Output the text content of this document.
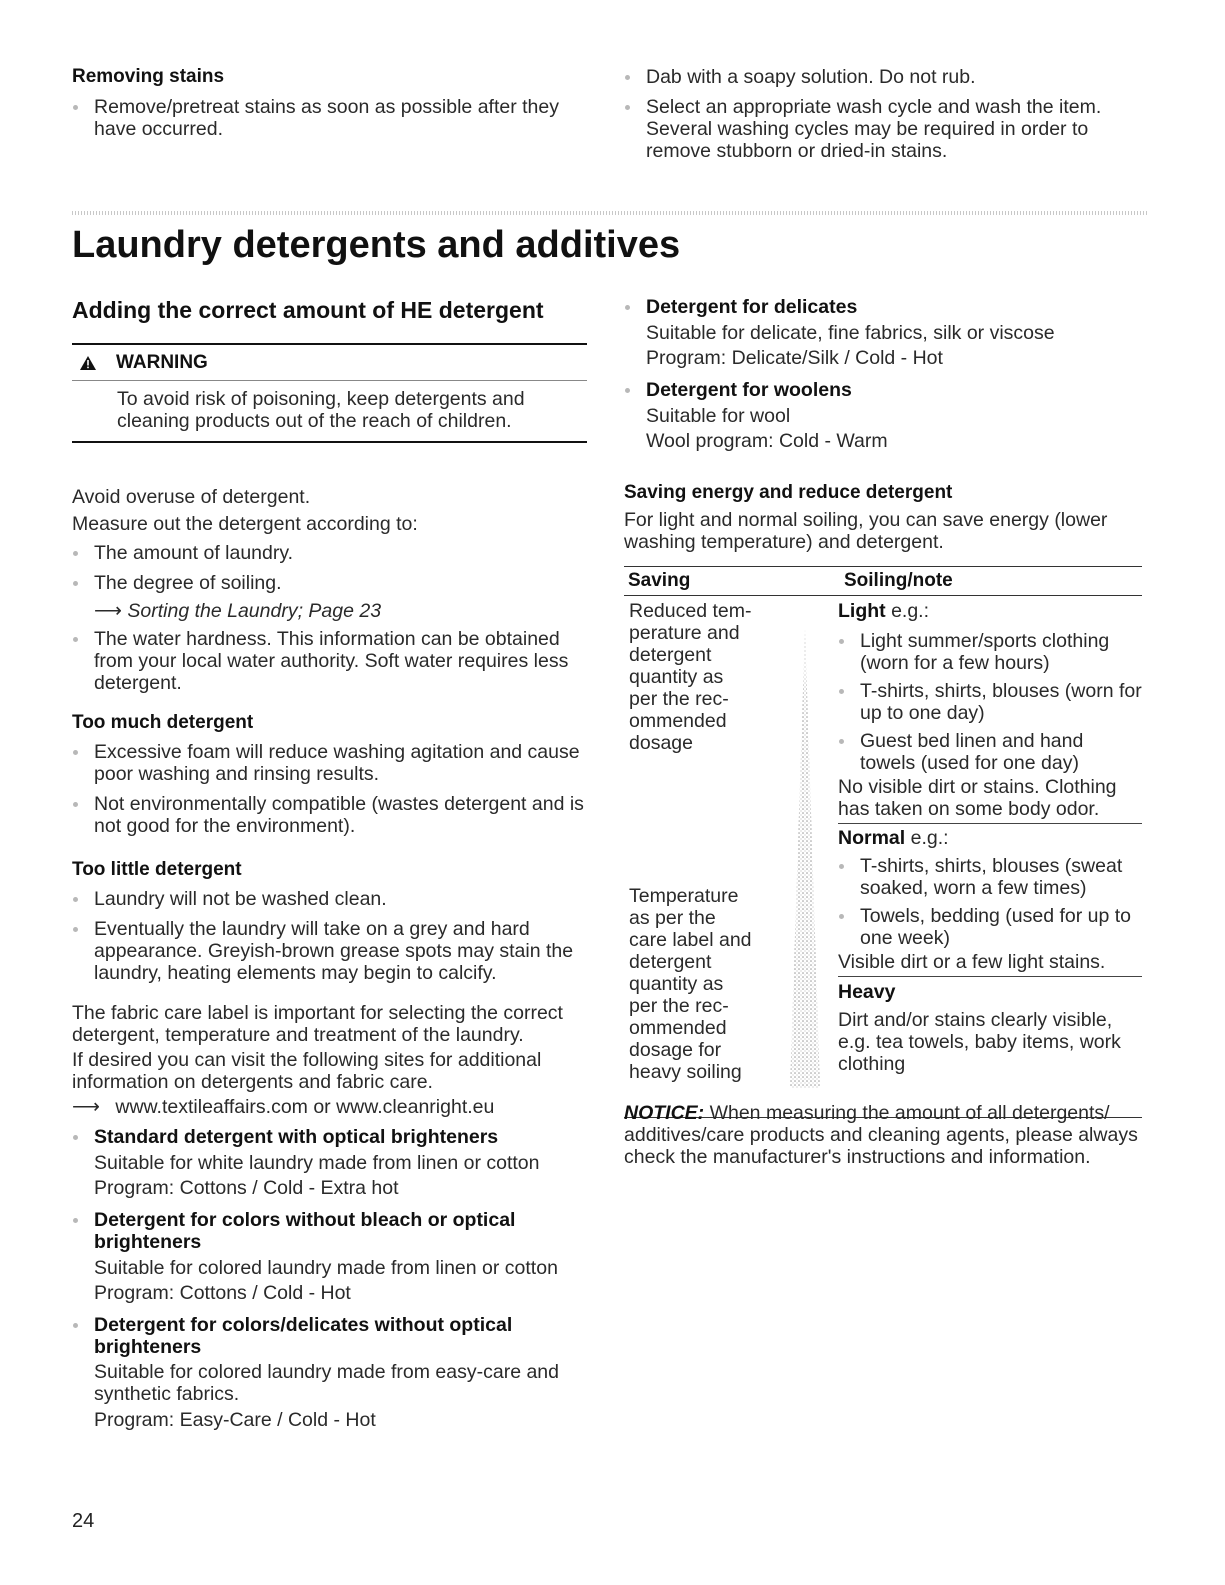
Removing stains
Remove/pretreat stains as soon as possible after they have occurred.
Dab with a soapy solution. Do not rub.
Select an appropriate wash cycle and wash the item. Several washing cycles may be required in order to remove stubborn or dried-in stains.
Laundry detergents and additives
Adding the correct amount of HE detergent
WARNING
To avoid risk of poisoning, keep detergents and cleaning products out of the reach of children.
Avoid overuse of detergent.
Measure out the detergent according to:
The amount of laundry.
The degree of soiling.
⟶ Sorting the Laundry; Page 23
The water hardness. This information can be obtained from your local water authority. Soft water requires less detergent.
Too much detergent
Excessive foam will reduce washing agitation and cause poor washing and rinsing results.
Not environmentally compatible (wastes detergent and is not good for the environment).
Too little detergent
Laundry will not be washed clean.
Eventually the laundry will take on a grey and hard appearance. Greyish-brown grease spots may stain the laundry, heating elements may begin to calcify.
The fabric care label is important for selecting the correct detergent, temperature and treatment of the laundry.
If desired you can visit the following sites for additional information on detergents and fabric care.
⟶ www.textileaffairs.com or www.cleanright.eu
Standard detergent with optical brighteners
Suitable for white laundry made from linen or cotton
Program: Cottons / Cold - Extra hot
Detergent for colors without bleach or optical brighteners
Suitable for colored laundry made from linen or cotton
Program: Cottons / Cold - Hot
Detergent for colors/delicates without optical brighteners
Suitable for colored laundry made from easy-care and synthetic fabrics.
Program: Easy-Care / Cold - Hot
Detergent for delicates
Suitable for delicate, fine fabrics, silk or viscose
Program: Delicate/Silk / Cold - Hot
Detergent for woolens
Suitable for wool
Wool program: Cold - Warm
Saving energy and reduce detergent
For light and normal soiling, you can save energy (lower washing temperature) and detergent.
Saving	Soiling/note
Reduced tem-
perature and
detergent
quantity as
per the rec-
ommended
dosage
Temperature
as per the
care label and
detergent
quantity as
per the rec-
ommended
dosage for
heavy soiling
Light e.g.:
Light summer/sports clothing (worn for a few hours)
T-shirts, shirts, blouses (worn for up to one day)
Guest bed linen and hand towels (used for one day)
No visible dirt or stains. Clothing has taken on some body odor.
Normal e.g.:
T-shirts, shirts, blouses (sweat soaked, worn a few times)
Towels, bedding (used for up to one week)
Visible dirt or a few light stains.
Heavy
Dirt and/or stains clearly visible, e.g. tea towels, baby items, work clothing
NOTICE: When measuring the amount of all detergents/ additives/care products and cleaning agents, please always check the manufacturer's instructions and information.
24
